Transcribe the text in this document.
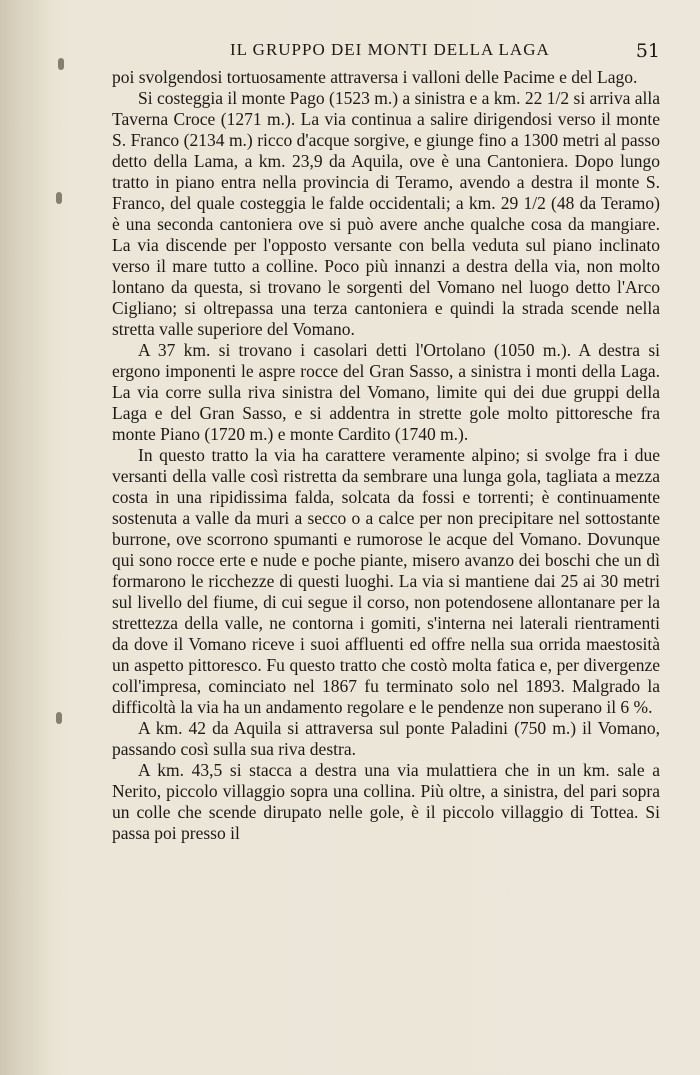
IL GRUPPO DEI MONTI DELLA LAGA	51

poi svolgendosi tortuosamente attraversa i valloni delle Pacime e del Lago.

Si costeggia il monte Pago (1523 m.) a sinistra e a km. 22 1/2 si arriva alla Taverna Croce (1271 m.). La via continua a salire dirigendosi verso il monte S. Franco (2134 m.) ricco d'acque sorgive, e giunge fino a 1300 metri al passo detto della Lama, a km. 23,9 da Aquila, ove è una Cantoniera. Dopo lungo tratto in piano entra nella provincia di Teramo, avendo a destra il monte S. Franco, del quale costeggia le falde occidentali; a km. 29 1/2 (48 da Teramo) è una seconda cantoniera ove si può avere anche qualche cosa da mangiare. La via discende per l'opposto versante con bella veduta sul piano inclinato verso il mare tutto a colline. Poco più innanzi a destra della via, non molto lontano da questa, si trovano le sorgenti del Vomano nel luogo detto l'Arco Cigliano; si oltrepassa una terza cantoniera e quindi la strada scende nella stretta valle superiore del Vomano.

A 37 km. si trovano i casolari detti l'Ortolano (1050 m.). A destra si ergono imponenti le aspre rocce del Gran Sasso, a sinistra i monti della Laga. La via corre sulla riva sinistra del Vomano, limite qui dei due gruppi della Laga e del Gran Sasso, e si addentra in strette gole molto pittoresche fra monte Piano (1720 m.) e monte Cardito (1740 m.).

In questo tratto la via ha carattere veramente alpino; si svolge fra i due versanti della valle così ristretta da sembrare una lunga gola, tagliata a mezza costa in una ripidissima falda, solcata da fossi e torrenti; è continuamente sostenuta a valle da muri a secco o a calce per non precipitare nel sottostante burrone, ove scorrono spumanti e rumorose le acque del Vomano. Dovunque qui sono rocce erte e nude e poche piante, misero avanzo dei boschi che un dì formarono le ricchezze di questi luoghi. La via si mantiene dai 25 ai 30 metri sul livello del fiume, di cui segue il corso, non potendosene allontanare per la strettezza della valle, ne contorna i gomiti, s'interna nei laterali rientramenti da dove il Vomano riceve i suoi affluenti ed offre nella sua orrida maestosità un aspetto pittoresco. Fu questo tratto che costò molta fatica e, per divergenze coll'impresa, cominciato nel 1867 fu terminato solo nel 1893. Malgrado la difficoltà la via ha un andamento regolare e le pendenze non superano il 6 %.

A km. 42 da Aquila si attraversa sul ponte Paladini (750 m.) il Vomano, passando così sulla sua riva destra.

A km. 43,5 si stacca a destra una via mulattiera che in un km. sale a Nerito, piccolo villaggio sopra una collina. Più oltre, a sinistra, del pari sopra un colle che scende dirupato nelle gole, è il piccolo villaggio di Tottea. Si passa poi presso il
